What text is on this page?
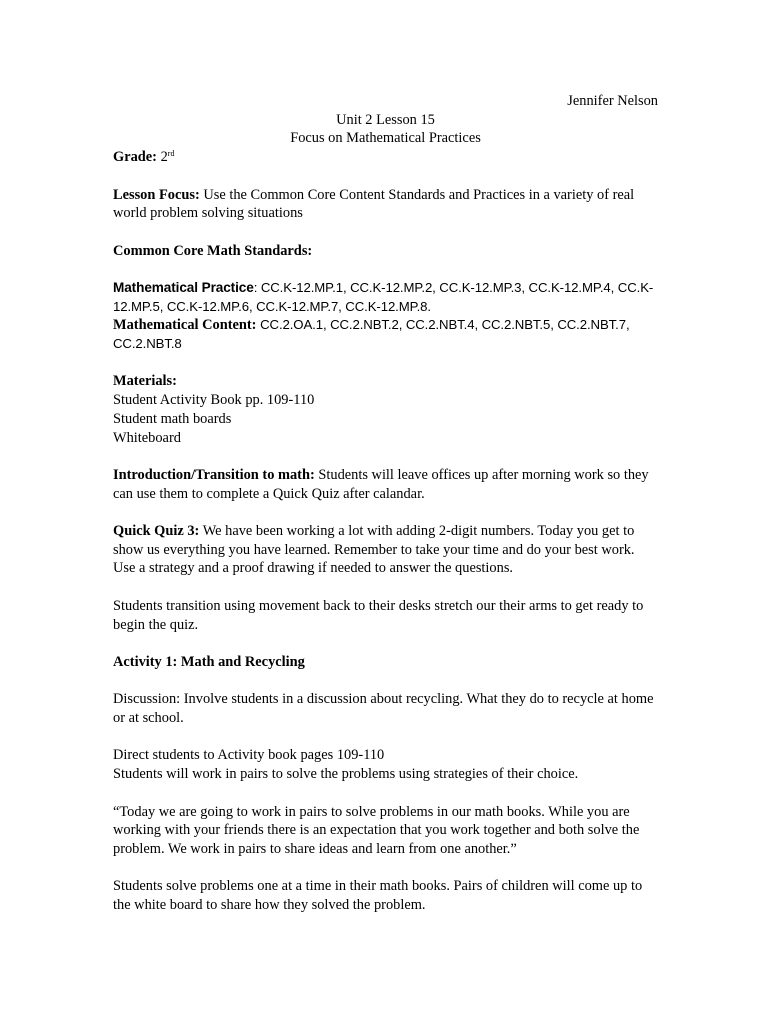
Jennifer Nelson

Unit 2 Lesson 15

Focus on Mathematical Practices

Grade: 2rd

Lesson Focus: Use the Common Core Content Standards and Practices in a variety of real world problem solving situations

Common Core Math Standards:

Mathematical Practice: CC.K-12.MP.1, CC.K-12.MP.2, CC.K-12.MP.3, CC.K-12.MP.4, CC.K-12.MP.5, CC.K-12.MP.6, CC.K-12.MP.7, CC.K-12.MP.8.

Mathematical Content: CC.2.OA.1, CC.2.NBT.2, CC.2.NBT.4, CC.2.NBT.5, CC.2.NBT.7, CC.2.NBT.8

Materials:

Student Activity Book pp. 109-110

Student math boards

Whiteboard

Introduction/Transition to math: Students will leave offices up after morning work so they can use them to complete a Quick Quiz after calandar.

Quick Quiz 3: We have been working a lot with adding 2-digit numbers. Today you get to show us everything you have learned. Remember to take your time and do your best work. Use a strategy and a proof drawing if needed to answer the questions.

Students transition using movement back to their desks stretch our their arms to get ready to begin the quiz.

Activity 1: Math and Recycling

Discussion: Involve students in a discussion about recycling. What they do to recycle at home or at school.

Direct students to Activity book pages 109-110

Students will work in pairs to solve the problems using strategies of their choice.

“Today we are going to work in pairs to solve problems in our math books. While you are working with your friends there is an expectation that you work together and both solve the problem. We work in pairs to share ideas and learn from one another.”

Students solve problems one at a time in their math books. Pairs of children will come up to the white board to share how they solved the problem.
